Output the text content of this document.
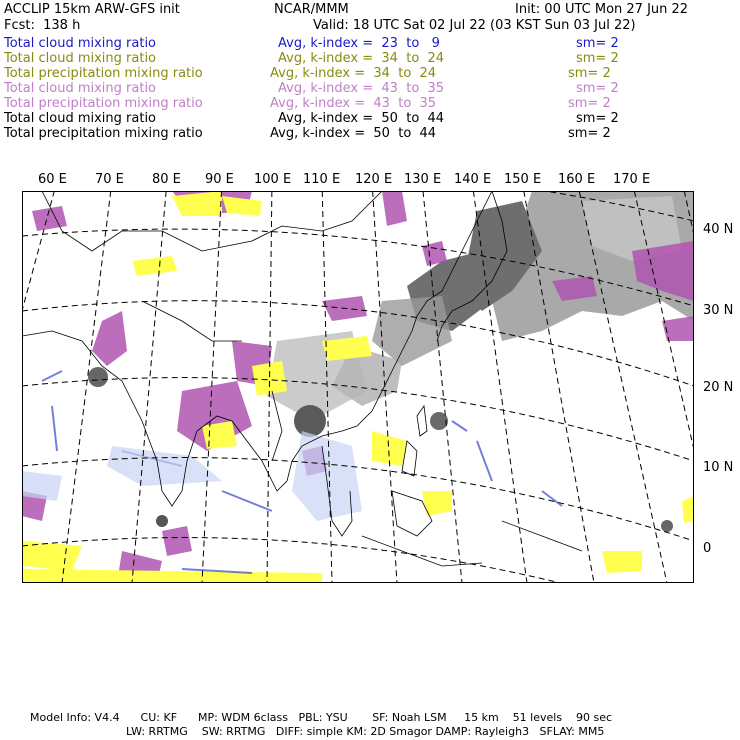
ACCLIP 15km ARW-GFS init	NCAR/MMM	Init: 00 UTC Mon 27 Jun 22
Fcst:  138 h	Valid: 18 UTC Sat 02 Jul 22 (03 KST Sun 03 Jul 22)
Total cloud mixing ratio	Avg, k-index =  23  to   9	sm= 2
Total cloud mixing ratio	Avg, k-index =  34  to  24	sm= 2
Total precipitation mixing ratio	Avg, k-index =  34  to  24	sm= 2
Total cloud mixing ratio	Avg, k-index =  43  to  35	sm= 2
Total precipitation mixing ratio	Avg, k-index =  43  to  35	sm= 2
Total cloud mixing ratio	Avg, k-index =  50  to  44	sm= 2
Total precipitation mixing ratio	Avg, k-index =  50  to  44	sm= 2
60 E 70 E 80 E 90 E 100 E 110 E 120 E 130 E 140 E 150 E 160 E 170 E
40 N
30 N
20 N
10 N
0
Model Info: V4.4      CU: KF      MP: WDM 6class   PBL: YSU       SF: Noah LSM     15 km    51 levels    90 sec
LW: RRTMG    SW: RRTMG   DIFF: simple KM: 2D Smagor DAMP: Rayleigh3   SFLAY: MM5
